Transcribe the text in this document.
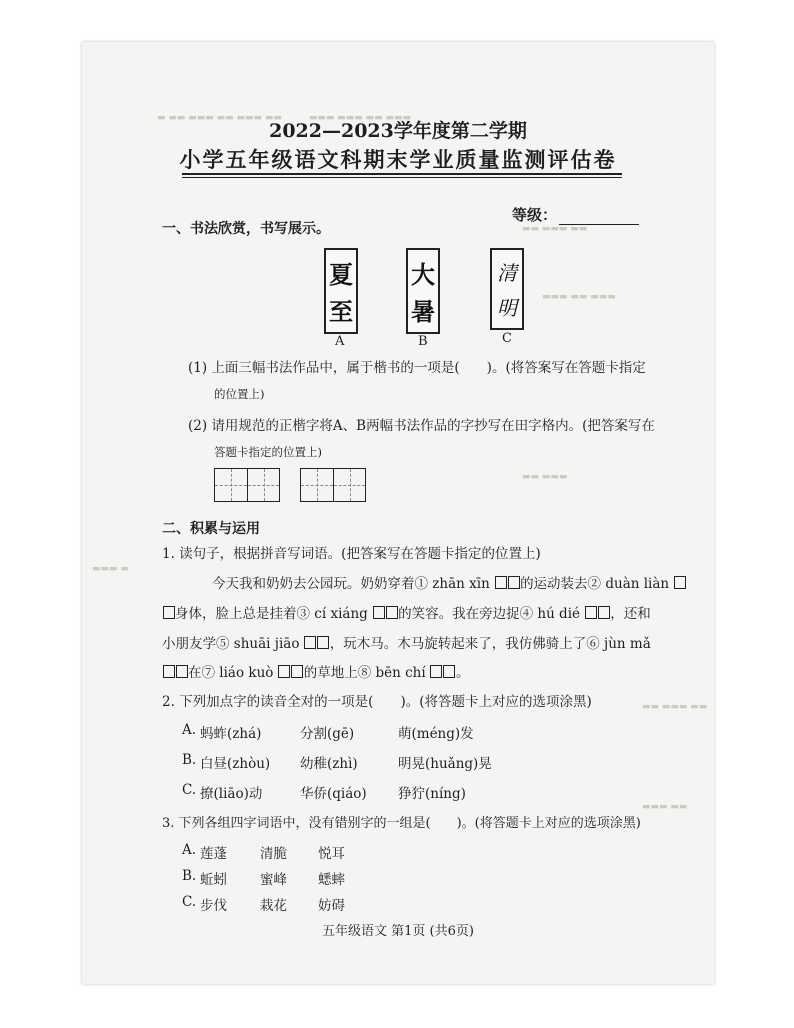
▬ ▬▬ ▬▬▬ ▬▬ ▬▬▬ ▬▬　　　▬▬▬ ▬▬▬ ▬▬ ▬▬▬
▬▬ ▬▬▬ ▬▬
▬▬▬ ▬▬ ▬▬▬
▬▬ ▬▬▬
▬▬▬ ▬
▬▬ ▬▬▬ ▬▬
▬▬▬ ▬▬
2022—2023学年度第二学期
小学五年级语文科期末学业质量监测评估卷
等级：
一、书法欣赏，书写展示。
夏
至
大
暑
清
明
A	B	C
(1) 上面三幅书法作品中，属于楷书的一项是(　　)。(将答案写在答题卡指定
的位置上)
(2) 请用规范的正楷字将A、B两幅书法作品的字抄写在田字格内。(把答案写在
答题卡指定的位置上)
二、积累与运用
1. 读句子，根据拼音写词语。(把答案写在答题卡指定的位置上)
今天我和奶奶去公园玩。奶奶穿着① zhān xīn 的运动装去② duàn liàn
身体，脸上总是挂着③ cí xiáng 的笑容。我在旁边捉④ hú dié ，还和
小朋友学⑤ shuāi jiāo ，玩木马。木马旋转起来了，我仿佛骑上了⑥ jùn mǎ
在⑦ liáo kuò 的草地上⑧ bēn chí 。
2. 下列加点字的读音全对的一项是(　　)。(将答题卡上对应的选项涂黑)
A. 蚂蚱(zhá)	分割(gē)	萌(méng)发
B. 白昼(zhòu) 幼稚(zhì)	明晃(huǎng)晃
C. 撩(liāo)动	华侨(qiáo) 狰狞(níng)
3. 下列各组四字词语中，没有错别字的一组是(　　)。(将答题卡上对应的选项涂黑)
A. 莲蓬 清脆 悦耳
B. 蚯蚓 蜜峰 蟋蟀
C. 步伐 栽花 妨碍
五年级语文 第1页 (共6页)
